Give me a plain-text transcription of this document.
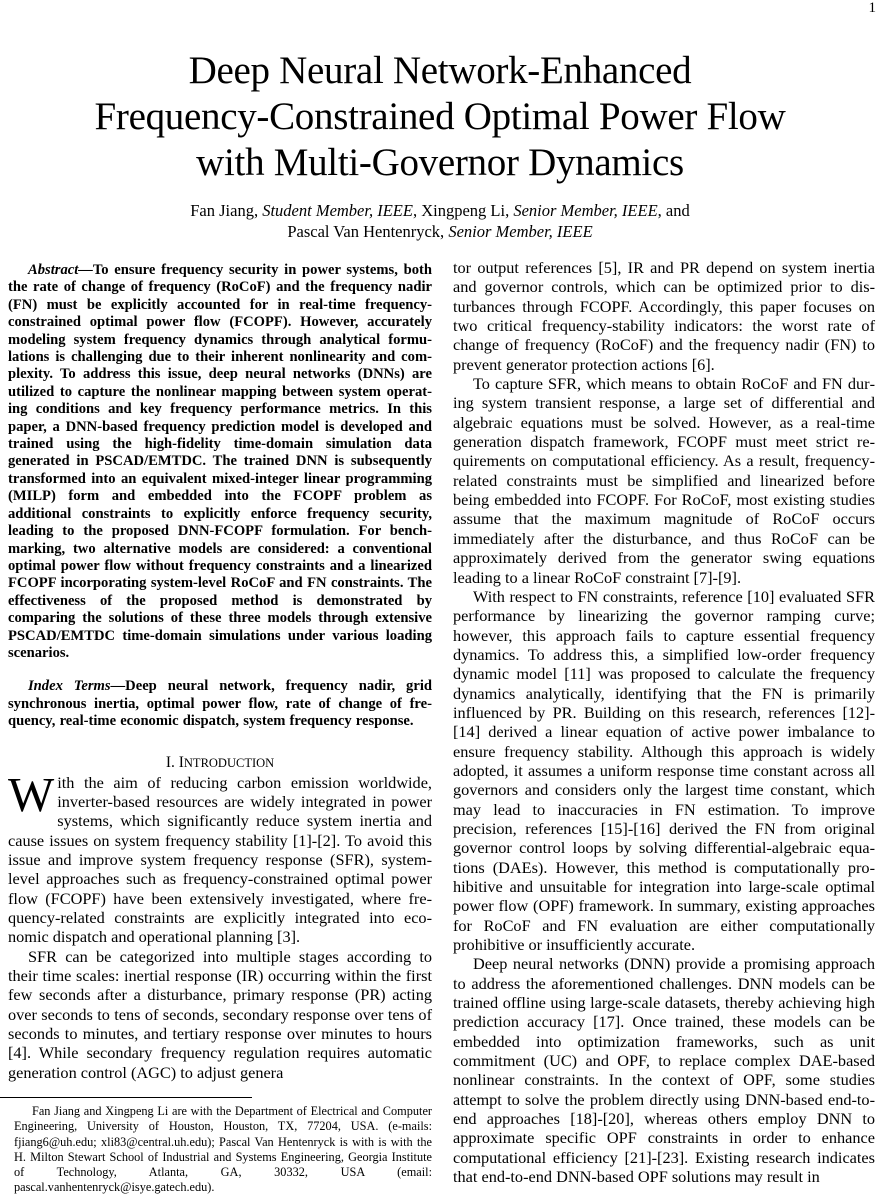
1
Deep Neural Network-Enhanced
Frequency-Constrained Optimal Power Flow
with Multi-Governor Dynamics
Fan Jiang, Student Member, IEEE, Xingpeng Li, Senior Member, IEEE, and
Pascal Van Hentenryck, Senior Member, IEEE

Abstract—To ensure frequency security in power systems, both the rate of change of frequency (RoCoF) and the frequency nadir (FN) must be explicitly accounted for in real-time frequency-constrained optimal power flow (FCOPF). However, accurately modeling system frequency dynamics through analytical formulations is challenging due to their inherent nonlinearity and complexity. To address this issue, deep neural networks (DNNs) are utilized to capture the nonlinear mapping between system operating conditions and key frequency performance metrics. In this paper, a DNN-based frequency prediction model is developed and trained using the high-fidelity time-domain simulation data generated in PSCAD/EMTDC. The trained DNN is subsequently transformed into an equivalent mixed-integer linear programming (MILP) form and embedded into the FCOPF problem as additional constraints to explicitly enforce frequency security, leading to the proposed DNN-FCOPF formulation. For benchmarking, two alternative models are considered: a conventional optimal power flow without frequency constraints and a linearized FCOPF incorporating system-level RoCoF and FN constraints. The effectiveness of the proposed method is demonstrated by comparing the solutions of these three models through extensive PSCAD/EMTDC time-domain simulations under various loading scenarios.

Index Terms—Deep neural network, frequency nadir, grid synchronous inertia, optimal power flow, rate of change of frequency, real-time economic dispatch, system frequency response.

I. INTRODUCTION

With the aim of reducing carbon emission worldwide, inverter-based resources are widely integrated in power systems, which significantly reduce system inertia and cause issues on system frequency stability [1]-[2]. To avoid this issue and improve system frequency response (SFR), system-level approaches such as frequency-constrained optimal power flow (FCOPF) have been extensively investigated, where frequency-related constraints are explicitly integrated into economic dispatch and operational planning [3].

SFR can be categorized into multiple stages according to their time scales: inertial response (IR) occurring within the first few seconds after a disturbance, primary response (PR) acting over seconds to tens of seconds, secondary response over tens of seconds to minutes, and tertiary response over minutes to hours [4]. While secondary frequency regulation requires automatic generation control (AGC) to adjust genera

Fan Jiang and Xingpeng Li are with the Department of Electrical and Computer Engineering, University of Houston, Houston, TX, 77204, USA. (e-mails: fjiang6@uh.edu; xli83@central.uh.edu); Pascal Van Hentenryck is with is with the H. Milton Stewart School of Industrial and Systems Engineering, Georgia Institute of Technology, Atlanta, GA, 30332, USA (email: pascal.vanhentenryck@isye.gatech.edu).

tor output references [5], IR and PR depend on system inertia and governor controls, which can be optimized prior to disturbances through FCOPF. Accordingly, this paper focuses on two critical frequency-stability indicators: the worst rate of change of frequency (RoCoF) and the frequency nadir (FN) to prevent generator protection actions [6].

To capture SFR, which means to obtain RoCoF and FN during system transient response, a large set of differential and algebraic equations must be solved. However, as a real-time generation dispatch framework, FCOPF must meet strict requirements on computational efficiency. As a result, frequency-related constraints must be simplified and linearized before being embedded into FCOPF. For RoCoF, most existing studies assume that the maximum magnitude of RoCoF occurs immediately after the disturbance, and thus RoCoF can be approximately derived from the generator swing equations leading to a linear RoCoF constraint [7]-[9].

With respect to FN constraints, reference [10] evaluated SFR performance by linearizing the governor ramping curve; however, this approach fails to capture essential frequency dynamics. To address this, a simplified low-order frequency dynamic model [11] was proposed to calculate the frequency dynamics analytically, identifying that the FN is primarily influenced by PR. Building on this research, references [12]-[14] derived a linear equation of active power imbalance to ensure frequency stability. Although this approach is widely adopted, it assumes a uniform response time constant across all governors and considers only the largest time constant, which may lead to inaccuracies in FN estimation. To improve precision, references [15]-[16] derived the FN from original governor control loops by solving differential-algebraic equations (DAEs). However, this method is computationally prohibitive and unsuitable for integration into large-scale optimal power flow (OPF) framework. In summary, existing approaches for RoCoF and FN evaluation are either computationally prohibitive or insufficiently accurate.

Deep neural networks (DNN) provide a promising approach to address the aforementioned challenges. DNN models can be trained offline using large-scale datasets, thereby achieving high prediction accuracy [17]. Once trained, these models can be embedded into optimization frameworks, such as unit commitment (UC) and OPF, to replace complex DAE-based nonlinear constraints. In the context of OPF, some studies attempt to solve the problem directly using DNN-based end-to-end approaches [18]-[20], whereas others employ DNN to approximate specific OPF constraints in order to enhance computational efficiency [21]-[23]. Existing research indicates that end-to-end DNN-based OPF solutions may result in
